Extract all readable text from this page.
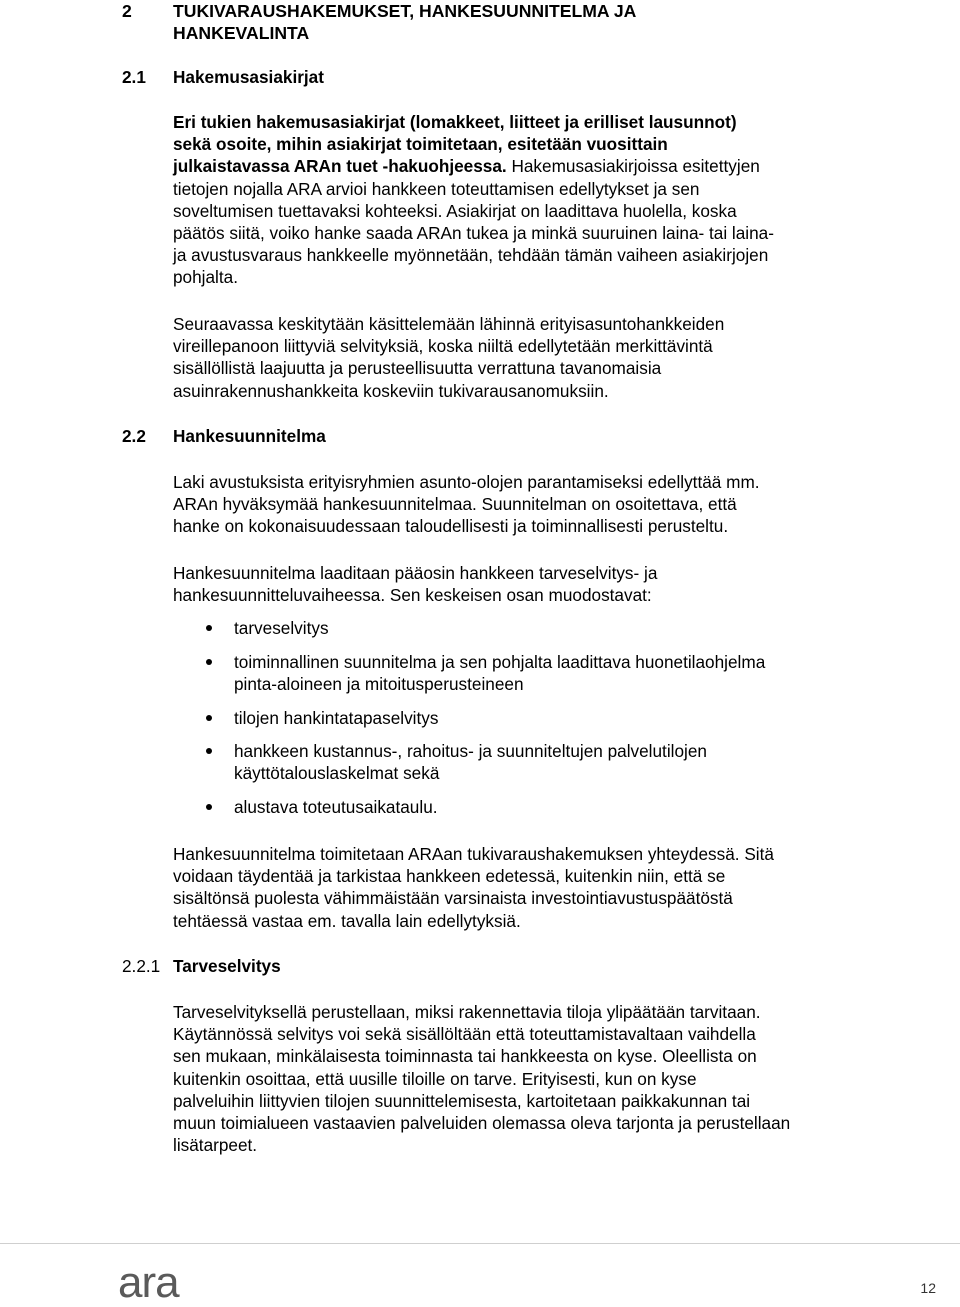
2 TUKIVARAUSHAKEMUKSET, HANKESUUNNITELMA JA
HANKEVALINTA
2.1 Hakemusasiakirjat
Eri tukien hakemusasiakirjat (lomakkeet, liitteet ja erilliset lausunnot)
sekä osoite, mihin asiakirjat toimitetaan, esitetään vuosittain
julkaistavassa ARAn tuet -hakuohjeessa. Hakemusasiakirjoissa esitettyjen
tietojen nojalla ARA arvioi hankkeen toteuttamisen edellytykset ja sen
soveltumisen tuettavaksi kohteeksi. Asiakirjat on laadittava huolella, koska
päätös siitä, voiko hanke saada ARAn tukea ja minkä suuruinen laina- tai laina-
ja avustusvaraus hankkeelle myönnetään, tehdään tämän vaiheen asiakirjojen
pohjalta.
Seuraavassa keskitytään käsittelemään lähinnä erityisasuntohankkeiden
vireillepanoon liittyviä selvityksiä, koska niiltä edellytetään merkittävintä
sisällöllistä laajuutta ja perusteellisuutta verrattuna tavanomaisia
asuinrakennushankkeita koskeviin tukivarausanomuksiin.
2.2 Hankesuunnitelma
Laki avustuksista erityisryhmien asunto-olojen parantamiseksi edellyttää mm.
ARAn hyväksymää hankesuunnitelmaa. Suunnitelman on osoitettava, että
hanke on kokonaisuudessaan taloudellisesti ja toiminnallisesti perusteltu.
Hankesuunnitelma laaditaan pääosin hankkeen tarveselvitys- ja
hankesuunnitteluvaiheessa. Sen keskeisen osan muodostavat:
tarveselvitys
toiminnallinen suunnitelma ja sen pohjalta laadittava huonetilaohjelma
pinta-aloineen ja mitoitusperusteineen
tilojen hankintatapaselvitys
hankkeen kustannus-, rahoitus- ja suunniteltujen palvelutilojen
käyttötalouslaskelmat sekä
alustava toteutusaikataulu.
Hankesuunnitelma toimitetaan ARAan tukivaraushakemuksen yhteydessä. Sitä
voidaan täydentää ja tarkistaa hankkeen edetessä, kuitenkin niin, että se
sisältönsä puolesta vähimmäistään varsinaista investointiavustuspäätöstä
tehtäessä vastaa em. tavalla lain edellytyksiä.
2.2.1 Tarveselvitys
Tarveselvityksellä perustellaan, miksi rakennettavia tiloja ylipäätään tarvitaan.
Käytännössä selvitys voi sekä sisällöltään että toteuttamistavaltaan vaihdella
sen mukaan, minkälaisesta toiminnasta tai hankkeesta on kyse. Oleellista on
kuitenkin osoittaa, että uusille tiloille on tarve. Erityisesti, kun on kyse
palveluihin liittyvien tilojen suunnittelemisesta, kartoitetaan paikkakunnan tai
muun toimialueen vastaavien palveluiden olemassa oleva tarjonta ja perustellaan
lisätarpeet.
ara	12
